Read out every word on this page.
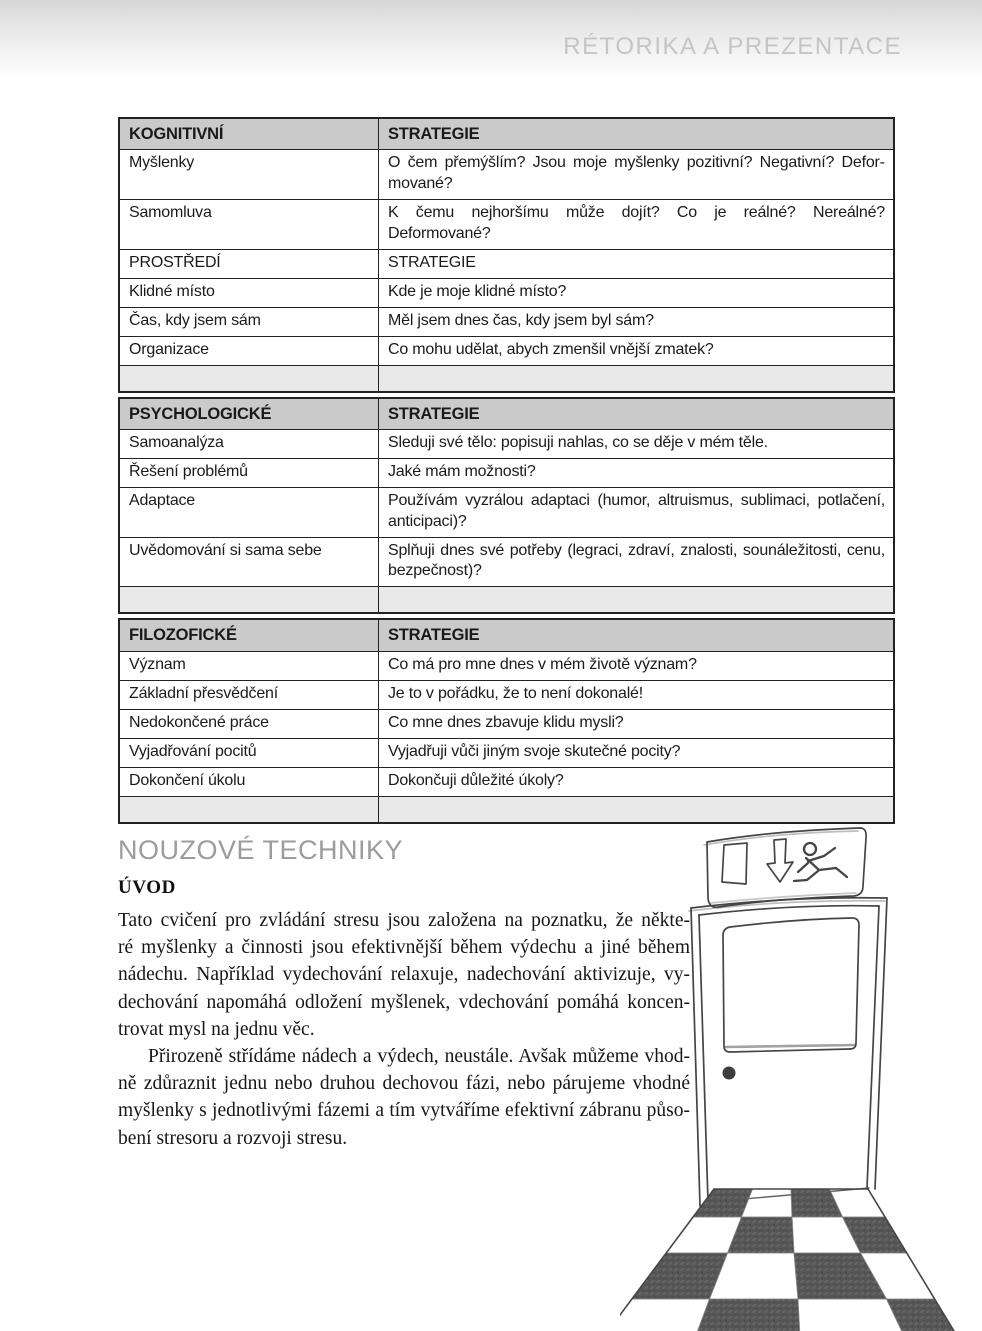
RÉTORIKA A PREZENTACE
KOGNITIVNÍ	STRATEGIE
Myšlenky	O čem přemýšlím? Jsou moje myšlenky pozitivní? Negativní? Deformované?
Samomluva	K čemu nejhoršímu může dojít? Co je reálné? Nereálné? Deformované?
PROSTŘEDÍ	STRATEGIE
Klidné místo	Kde je moje klidné místo?
Čas, kdy jsem sám	Měl jsem dnes čas, kdy jsem byl sám?
Organizace	Co mohu udělat, abych zmenšil vnější zmatek?
PSYCHOLOGICKÉ	STRATEGIE
Samoanalýza	Sleduji své tělo: popisuji nahlas, co se děje v mém těle.
Řešení problémů	Jaké mám možnosti?
Adaptace	Používám vyzrálou adaptaci (humor, altruismus, sublimaci, potlačení, anticipaci)?
Uvědomování si sama sebe	Splňuji dnes své potřeby (legraci, zdraví, znalosti, sounáležitosti, cenu, bezpečnost)?
FILOZOFICKÉ	STRATEGIE
Význam	Co má pro mne dnes v mém životě význam?
Základní přesvědčení	Je to v pořádku, že to není dokonalé!
Nedokončené práce	Co mne dnes zbavuje klidu mysli?
Vyjadřování pocitů	Vyjadřuji vůči jiným svoje skutečné pocity?
Dokončení úkolu	Dokončuji důležité úkoly?
NOUZOVÉ TECHNIKY
ÚVOD
Tato cvičení pro zvládání stresu jsou založena na poznatku, že někte-
ré myšlenky a činnosti jsou efektivnější během výdechu a jiné během
nádechu. Například vydechování relaxuje, nadechování aktivizuje, vy-
dechování napomáhá odložení myšlenek, vdechování pomáhá koncen-
trovat mysl na jednu věc.
Přirozeně střídáme nádech a výdech, neustále. Avšak můžeme vhod-
ně zdůraznit jednu nebo druhou dechovou fázi, nebo párujeme vhodné
myšlenky s jednotlivými fázemi a tím vytváříme efektivní zábranu půso-
bení stresoru a rozvoji stresu.
